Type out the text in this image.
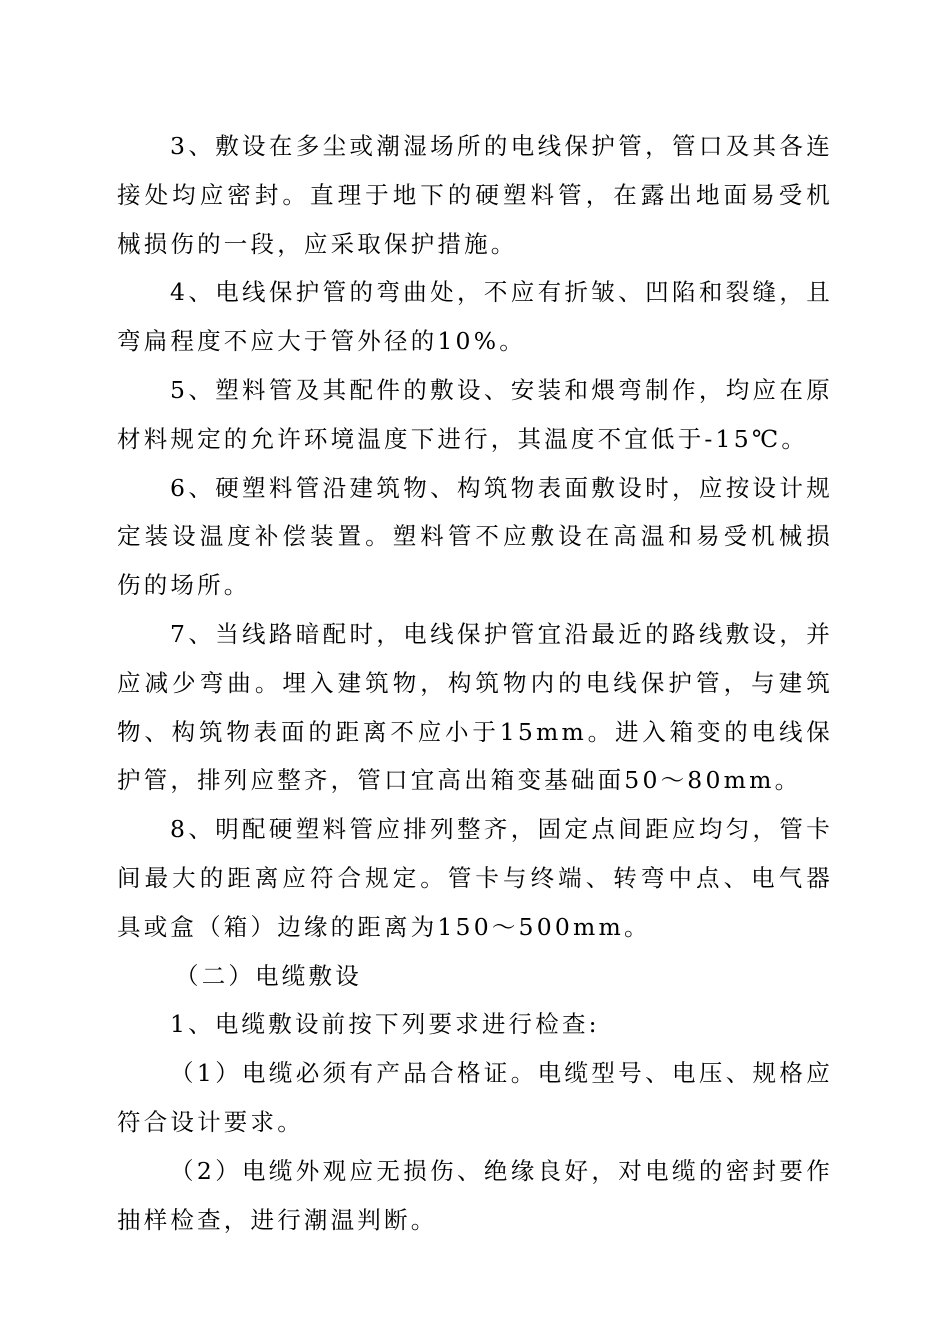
3、敷设在多尘或潮湿场所的电线保护管，管口及其各连接处均应密封。直理于地下的硬塑料管，在露出地面易受机械损伤的一段，应采取保护措施。

4、电线保护管的弯曲处，不应有折皱、凹陷和裂缝，且弯扁程度不应大于管外径的10%。

5、塑料管及其配件的敷设、安装和煨弯制作，均应在原材料规定的允许环境温度下进行，其温度不宜低于-15℃。

6、硬塑料管沿建筑物、构筑物表面敷设时，应按设计规定装设温度补偿装置。塑料管不应敷设在高温和易受机械损伤的场所。

7、当线路暗配时，电线保护管宜沿最近的路线敷设，并应减少弯曲。埋入建筑物，构筑物内的电线保护管，与建筑物、构筑物表面的距离不应小于15mm。进入箱变的电线保护管，排列应整齐，管口宜高出箱变基础面50～80mm。

8、明配硬塑料管应排列整齐，固定点间距应均匀，管卡间最大的距离应符合规定。管卡与终端、转弯中点、电气器具或盒（箱）边缘的距离为150～500mm。

（二）电缆敷设

1、电缆敷设前按下列要求进行检查:

（1）电缆必须有产品合格证。电缆型号、电压、规格应符合设计要求。

（2）电缆外观应无损伤、绝缘良好，对电缆的密封要作抽样检查，进行潮温判断。
